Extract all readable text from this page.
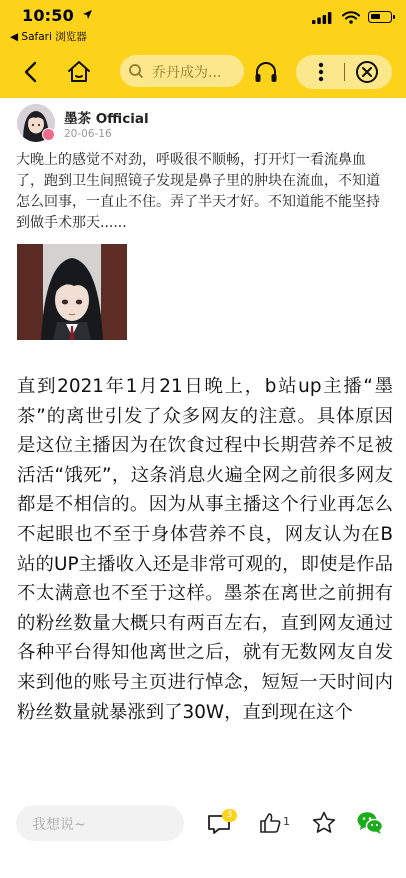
10:50
◀ Safari 浏览器
乔丹成为...
墨茶 Official
20-06-16

大晚上的感觉不对劲，呼吸很不顺畅，打开灯一看流鼻血了，跑到卫生间照镜子发现是鼻子里的肿块在流血，不知道怎么回事，一直止不住。弄了半天才好。不知道能不能坚持到做手术那天......

直到2021年1月21日晚上，b站up主播“墨茶”的离世引发了众多网友的注意。具体原因是这位主播因为在饮食过程中长期营养不足被活活“饿死”，这条消息火遍全网之前很多网友都是不相信的。因为从事主播这个行业再怎么不起眼也不至于身体营养不良，网友认为在B站的UP主播收入还是非常可观的，即使是作品不太满意也不至于这样。墨茶在离世之前拥有的粉丝数量大概只有两百左右，直到网友通过各种平台得知他离世之后，就有无数网友自发来到他的账号主页进行悼念，短短一天时间内粉丝数量就暴涨到了30W，直到现在这个
我想说~
3	1
